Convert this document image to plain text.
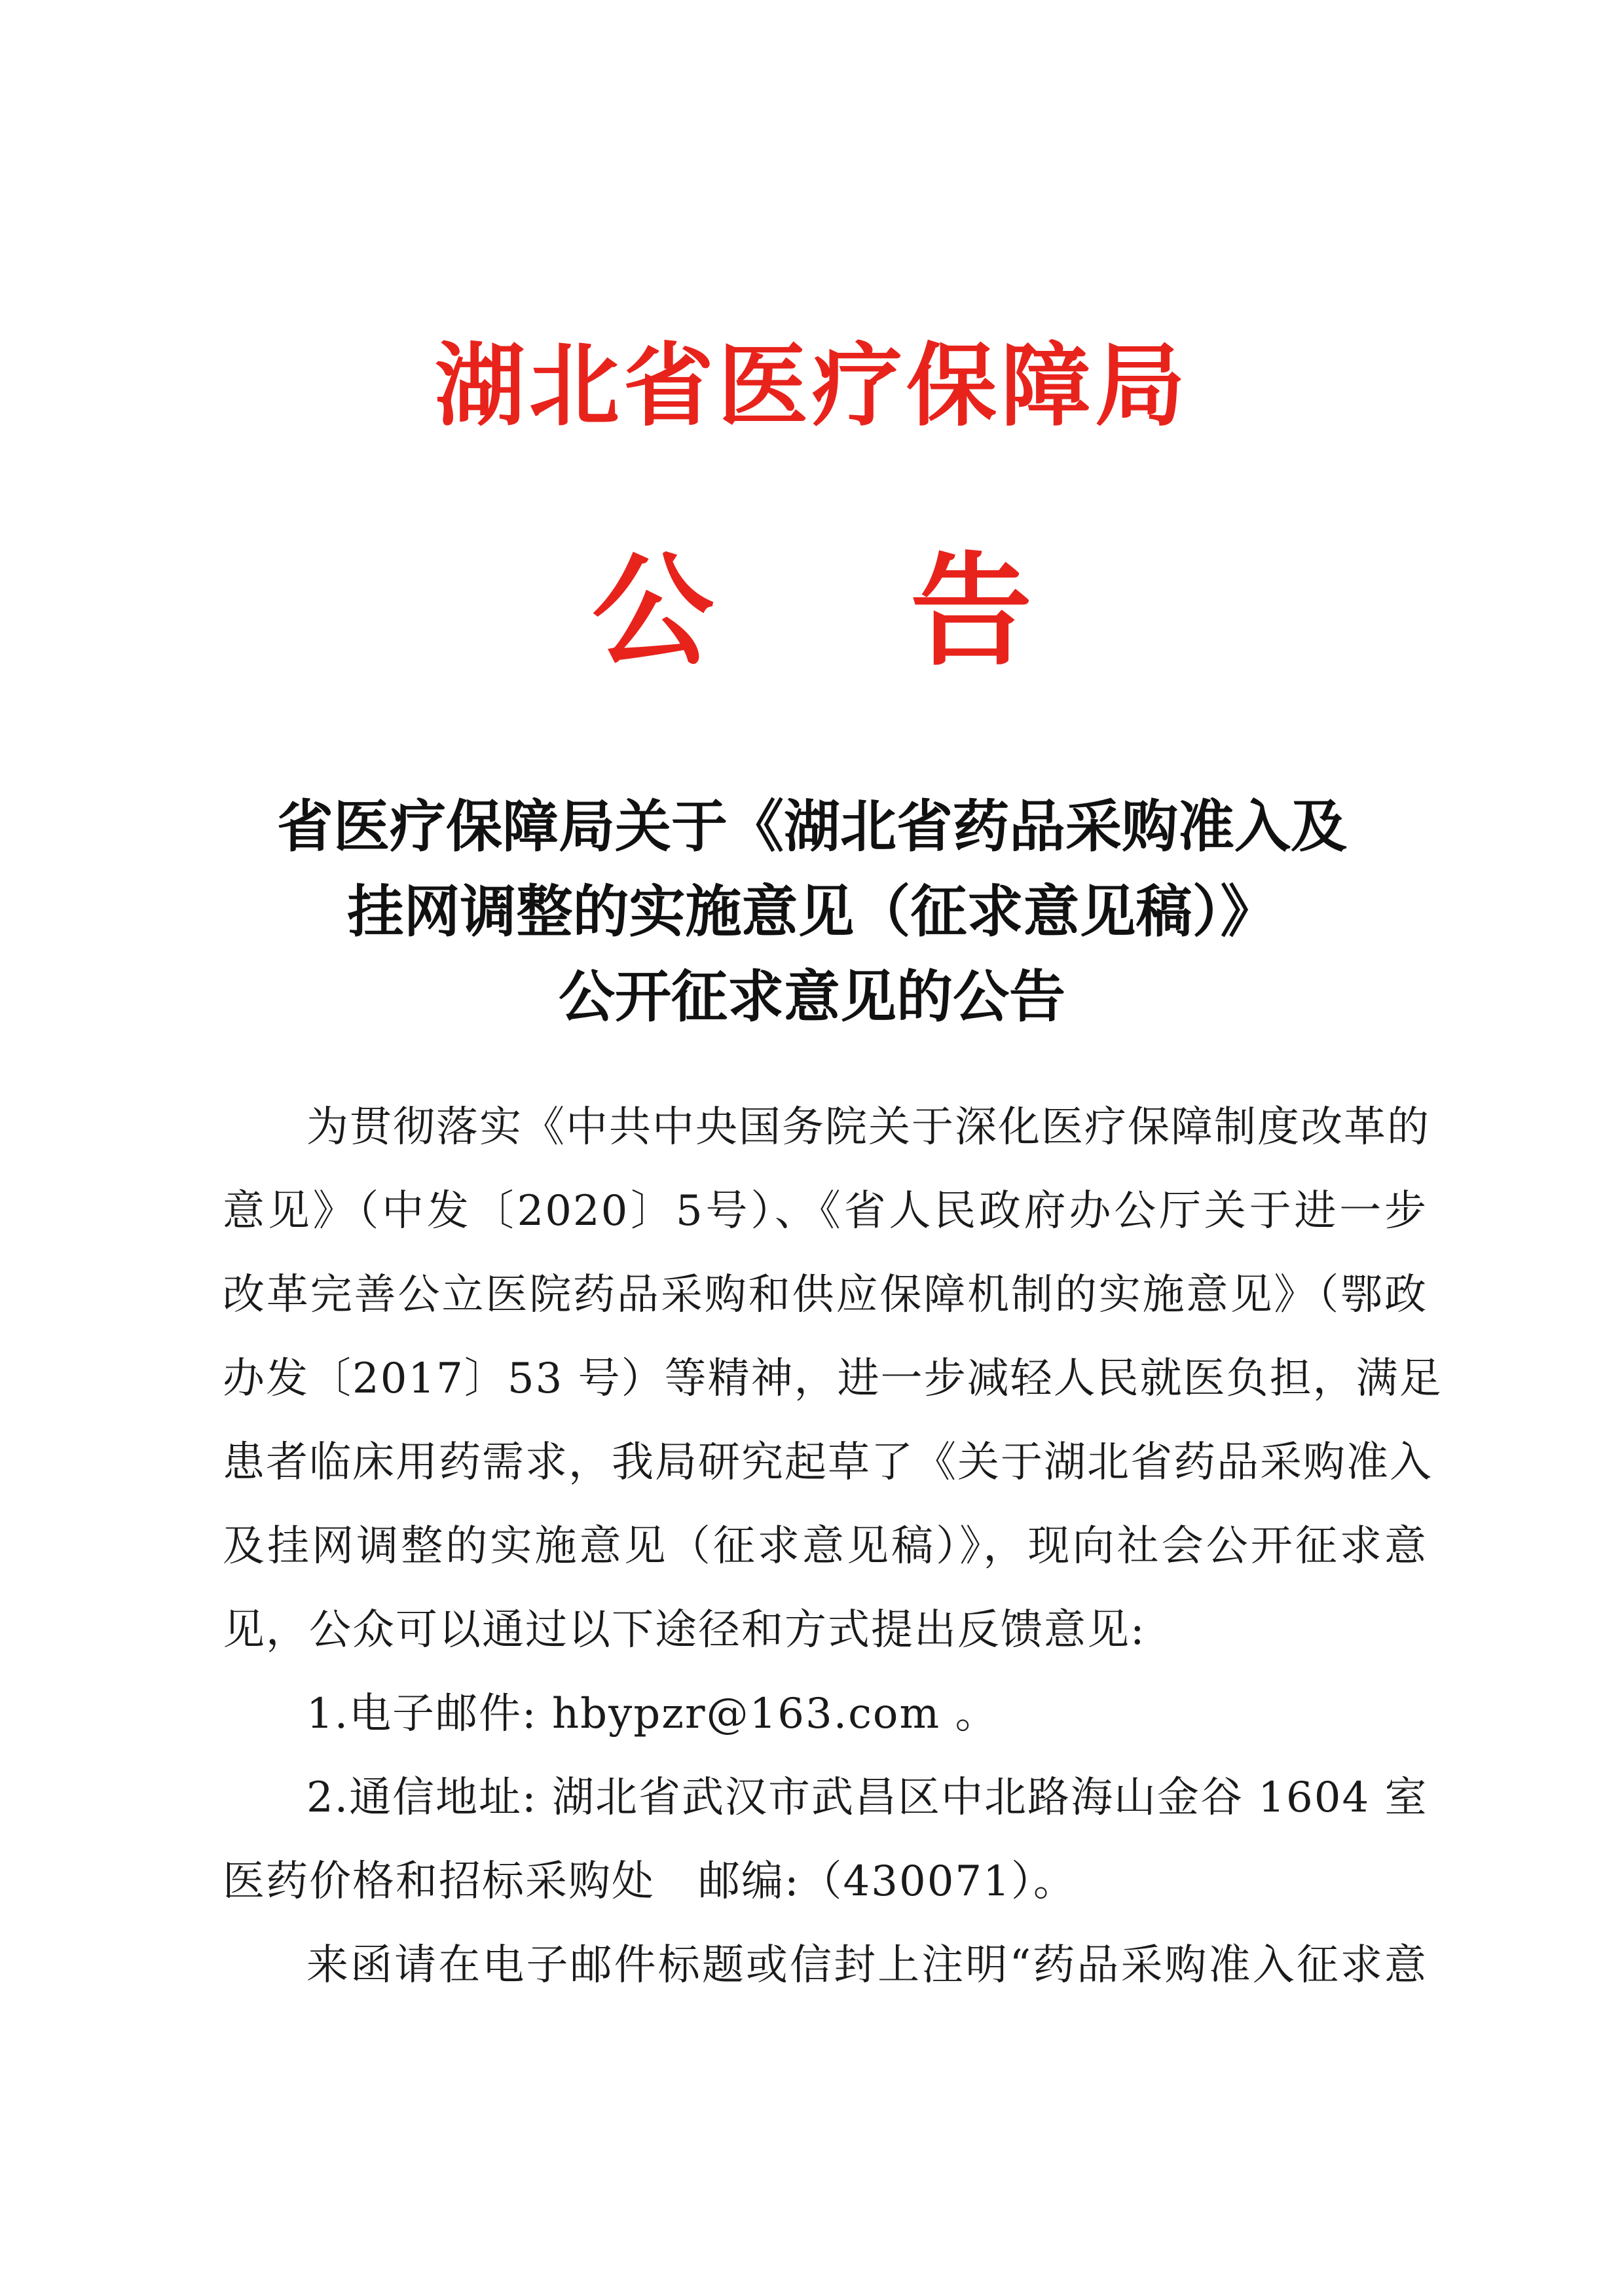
湖北省医疗保障局
公 告
省医疗保障局关于《湖北省药品采购准入及
挂网调整的实施意见（征求意见稿）》
公开征求意见的公告
为贯彻落实《中共中央国务院关于深化医疗保障制度改革的
意见》（中发〔2020〕5号）、《省人民政府办公厅关于进一步
改革完善公立医院药品采购和供应保障机制的实施意见》（鄂政
办发〔2017〕53 号）等精神，进一步减轻人民就医负担，满足
患者临床用药需求，我局研究起草了《关于湖北省药品采购准入
及挂网调整的实施意见（征求意见稿）》，现向社会公开征求意
见，公众可以通过以下途径和方式提出反馈意见:
1.电子邮件: hbypzr@163.com 。
2.通信地址: 湖北省武汉市武昌区中北路海山金谷 1604 室
医药价格和招标采购处　邮编:（430071）。
来函请在电子邮件标题或信封上注明“药品采购准入征求意
